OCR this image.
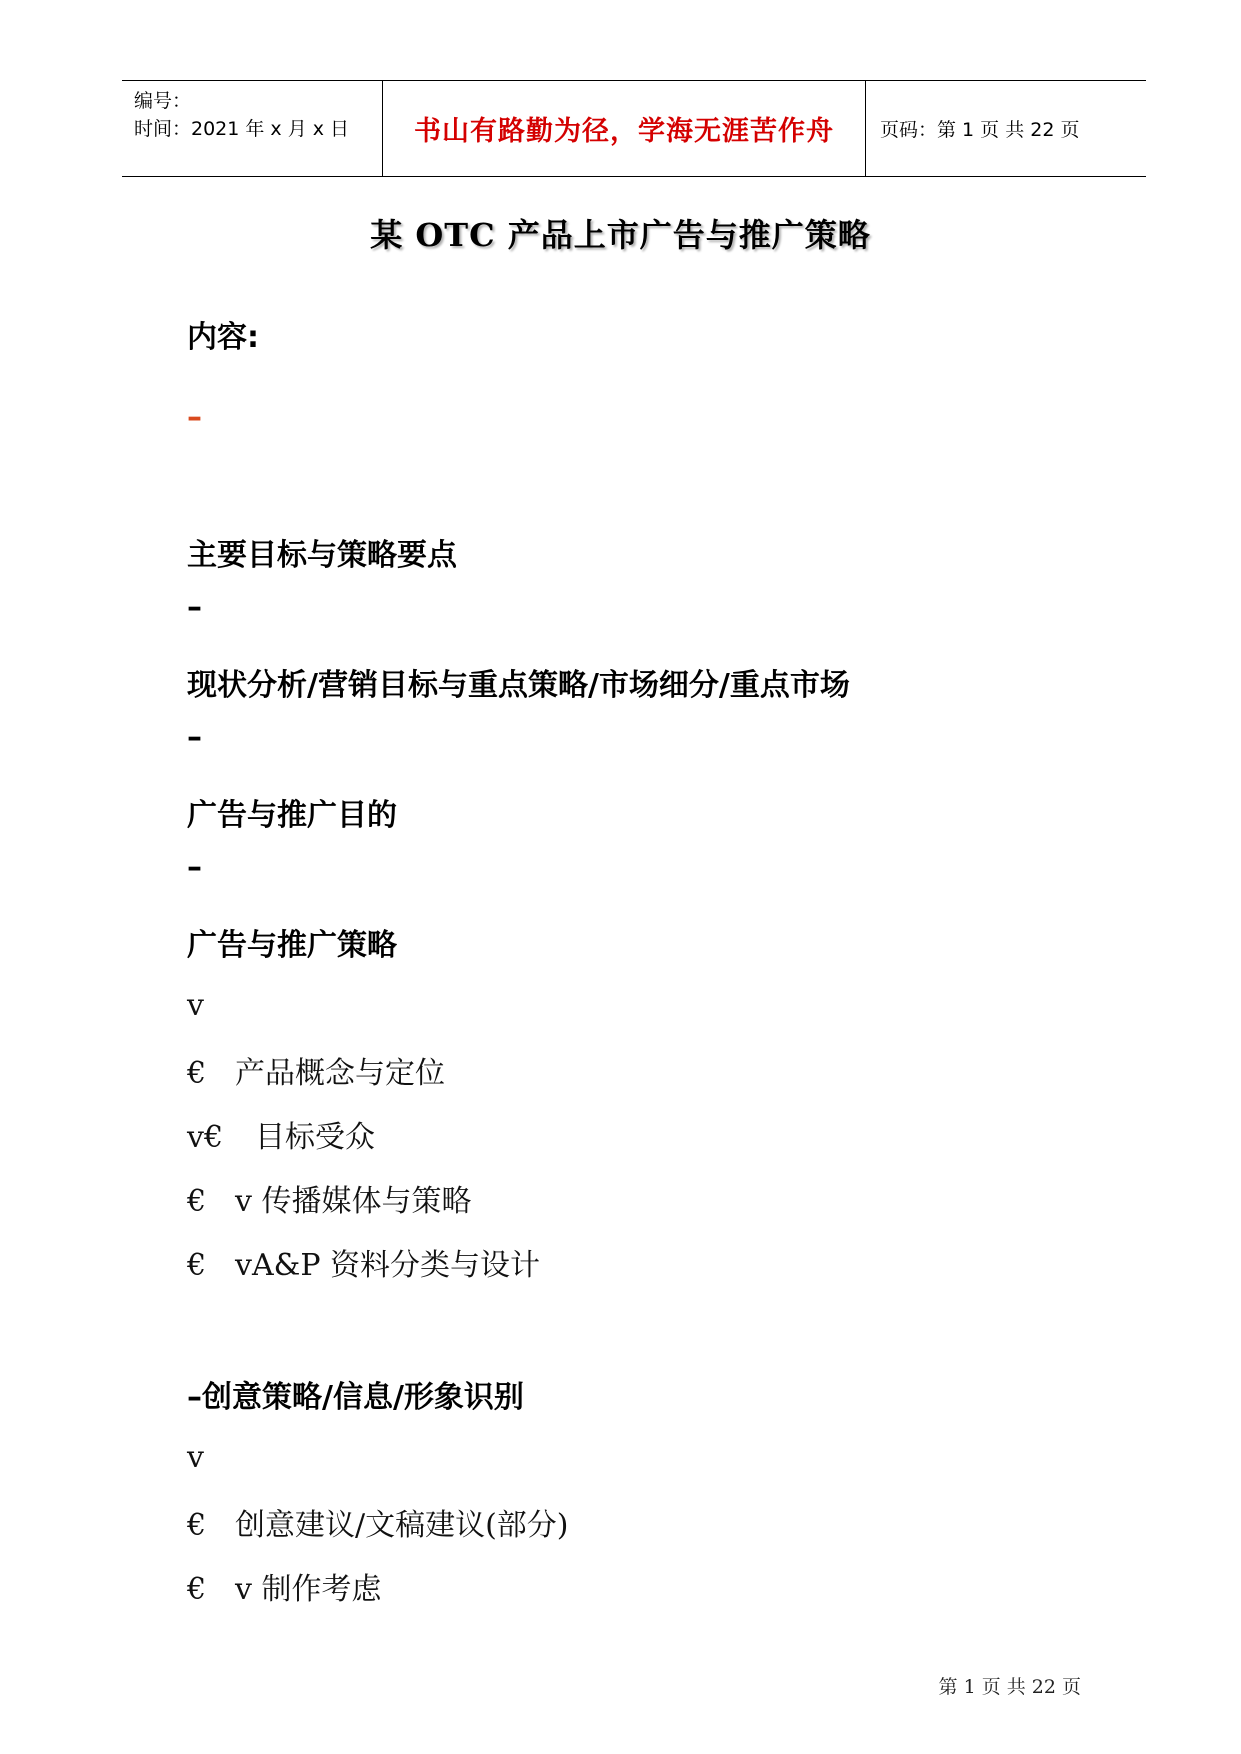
编号：
时间：2021 年 x 月 x 日	书山有路勤为径，学海无涯苦作舟	页码：第 1 页 共 22 页
某 OTC 产品上市广告与推广策略
内容:
–
主要目标与策略要点
–
现状分析/营销目标与重点策略/市场细分/重点市场
–
广告与推广目的
–
广告与推广策略
v
€ 产品概念与定位
v€ 目标受众
€ v 传播媒体与策略
€ vA&P 资料分类与设计
–创意策略/信息/形象识别
v
€ 创意建议/文稿建议(部分)
€ v 制作考虑
第 1 页 共 22 页
